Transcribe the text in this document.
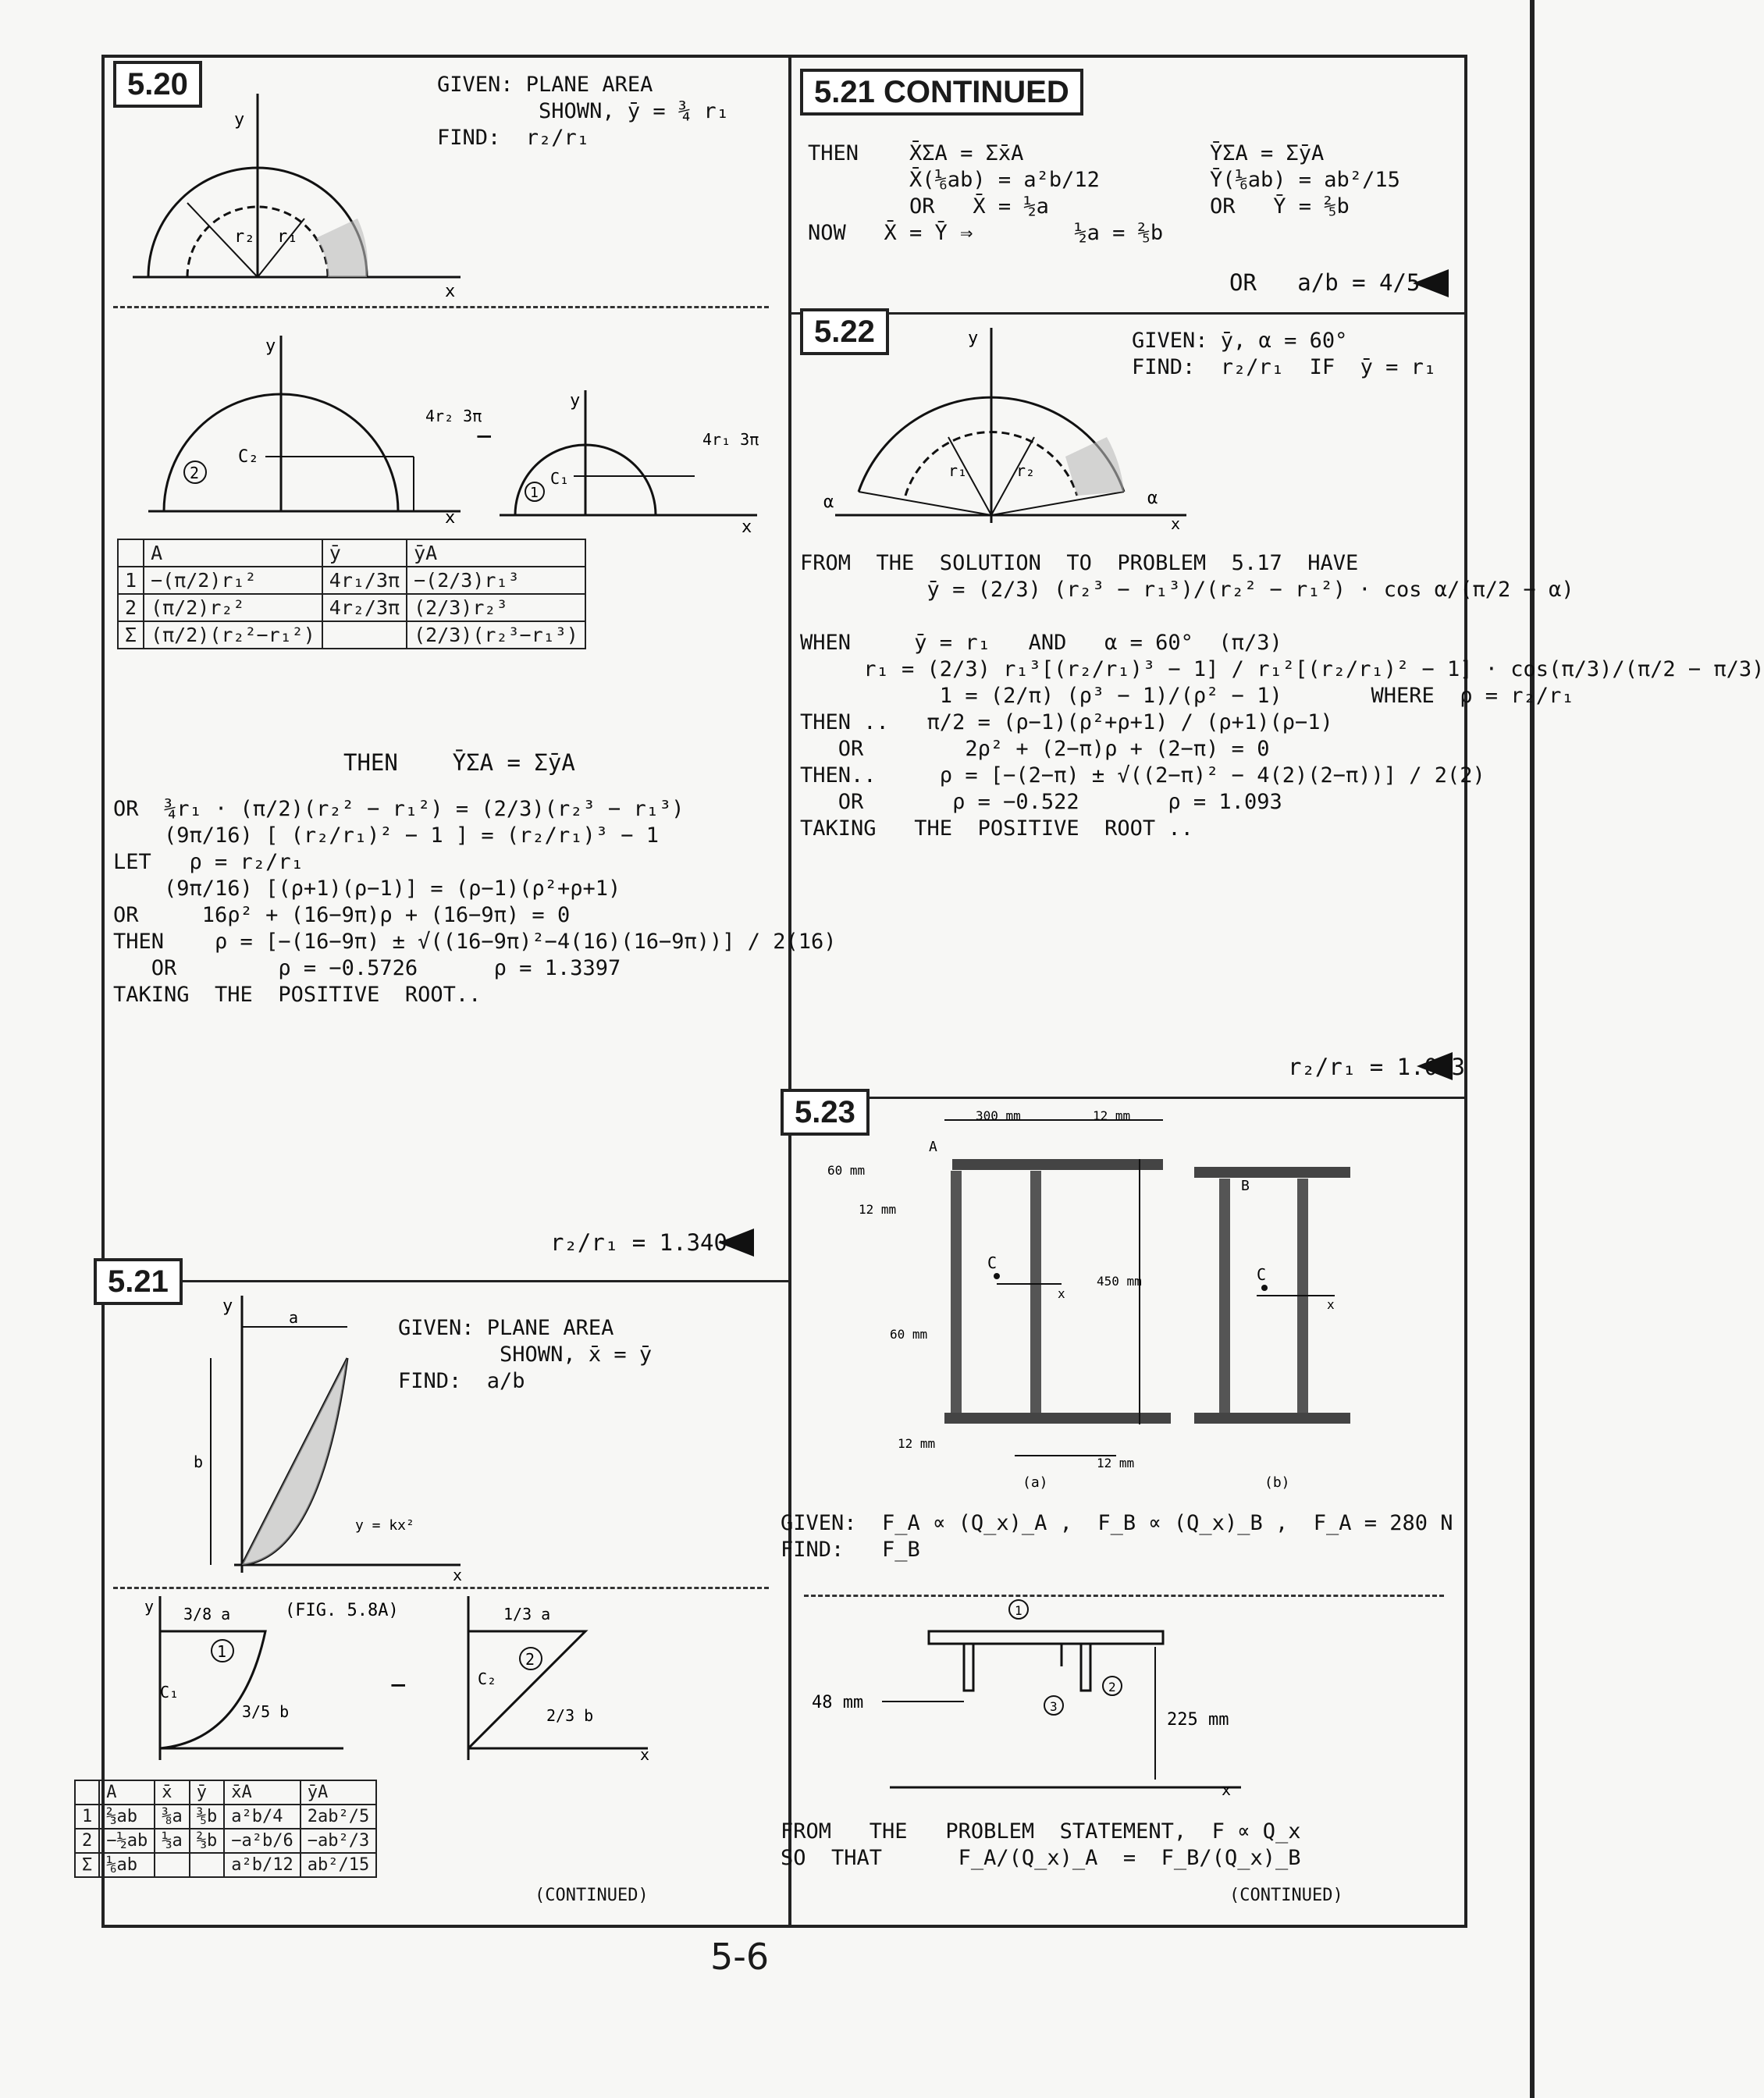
5.20	GIVEN: PLANE AREA
SHOWN, ȳ = ¾ r₁
FIND:  r₂/r₁
y
x
r₂ r₁
2
C₂
4r₂ 3π
x
y
−
1
C₁
4r₁ 3π
x
y
	A	ȳ	ȳA
1	−(π/2)r₁²	4r₁/3π	−(2/3)r₁³
2	(π/2)r₂²	4r₂/3π	(2/3)r₂³
Σ	(π/2)(r₂²−r₁²)		(2/3)(r₂³−r₁³)
THEN    ȲΣA = ΣȳA
OR  ¾r₁ · (π/2)(r₂² − r₁²) = (2/3)(r₂³ − r₁³)
(9π/16) [ (r₂/r₁)² − 1 ] = (r₂/r₁)³ − 1
LET   ρ = r₂/r₁
(9π/16) [(ρ+1)(ρ−1)] = (ρ−1)(ρ²+ρ+1)
OR     16ρ² + (16−9π)ρ + (16−9π) = 0
THEN    ρ = [−(16−9π) ± √((16−9π)²−4(16)(16−9π))] / 2(16)
OR        ρ = −0.5726      ρ = 1.3397
TAKING  THE  POSITIVE  ROOT..
r₂/r₁ = 1.340
5.21
GIVEN: PLANE AREA
SHOWN, x̄ = ȳ
FIND:  a/b
y
x
a
b
y = kx²
1
C₁
3/5 b
3/8 a	(FIG. 5.8A)
y
−
2
C₂
2/3 b
1/3 a
x
	A	x̄	ȳ	x̄A	ȳA
1	⅔ab	⅜a	⅗b	a²b/4	2ab²/5
2	−½ab	⅓a	⅔b	−a²b/6	−ab²/3
Σ	⅙ab			a²b/12	ab²/15
(CONTINUED)
5.21 CONTINUED
THEN    X̄ΣA = Σx̄A
X̄(⅙ab) = a²b/12
OR   X̄ = ½a
NOW   X̄ = Ȳ ⇒        ½a = ⅖b
ȲΣA = ΣȳA
Ȳ(⅙ab) = ab²/15
OR   Ȳ = ⅖b
OR   a/b = 4/5
5.22	GIVEN: ȳ, α = 60°
FIND:  r₂/r₁  IF  ȳ = r₁
y
x
r₁	r₂
α	α
FROM  THE  SOLUTION  TO  PROBLEM  5.17  HAVE
ȳ = (2/3) (r₂³ − r₁³)/(r₂² − r₁²) · cos α/(π/2 − α)

WHEN     ȳ = r₁   AND   α = 60°  (π/3)
r₁ = (2/3) r₁³[(r₂/r₁)³ − 1] / r₁²[(r₂/r₁)² − 1] · cos(π/3)/(π/2 − π/3)
1 = (2/π) (ρ³ − 1)/(ρ² − 1)       WHERE  ρ = r₂/r₁
THEN ..   π/2 = (ρ−1)(ρ²+ρ+1) / (ρ+1)(ρ−1)
OR        2ρ² + (2−π)ρ + (2−π) = 0
THEN..     ρ = [−(2−π) ± √((2−π)² − 4(2)(2−π))] / 2(2)
OR       ρ = −0.522       ρ = 1.093
TAKING   THE  POSITIVE  ROOT ..
r₂/r₁ = 1.093
5.23	300 mm	12 mm
A
60 mm
12 mm
C
x
450 mm
60 mm
12 mm
12 mm
(a)
B
C
x
(b)
GIVEN:  F_A ∝ (Q_x)_A ,  F_B ∝ (Q_x)_B ,  F_A = 280 N
FIND:   F_B
1
2
3
48 mm
225 mm
x
FROM   THE   PROBLEM  STATEMENT,  F ∝ Q_x
SO  THAT      F_A/(Q_x)_A  =  F_B/(Q_x)_B
(CONTINUED)
5-6
